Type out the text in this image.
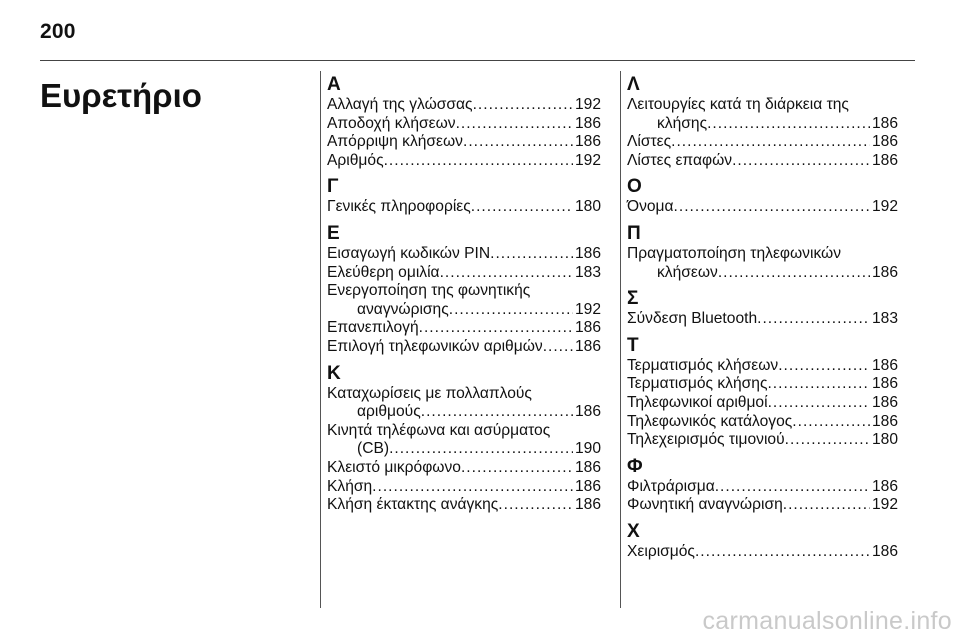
200
Ευρετήριο	Α
Αλλαγή της γλώσσας .....	192
Αποδοχή κλήσεων .....	186
Απόρριψη κλήσεων .....	186
Αριθμός .....	192
Γ
Γενικές πληροφορίες .....	180
Ε
Εισαγωγή κωδικών PIN .....	186
Ελεύθερη ομιλία .....	183
Ενεργοποίηση της φωνητικής
αναγνώρισης .....	192
Επανεπιλογή .....	186
Επιλογή τηλεφωνικών αριθμών ..... 186
Κ
Καταχωρίσεις με πολλαπλούς
αριθμούς .....	186
Κινητά τηλέφωνα και ασύρματος
(CB) .....	190
Κλειστό μικρόφωνο .....	186
Κλήση .....	186
Κλήση έκτακτης ανάγκης .....	186
Λ
Λειτουργίες κατά τη διάρκεια της
κλήσης .....	186
Λίστες .....	186
Λίστες επαφών .....	186
Ο
Όνομα .....	192
Π
Πραγματοποίηση τηλεφωνικών
κλήσεων .....	186
Σ
Σύνδεση Bluetooth .....	183
Τ
Τερματισμός κλήσεων .....	186
Τερματισμός κλήσης .....	186
Τηλεφωνικοί αριθμοί .....	186
Τηλεφωνικός κατάλογος .....	186
Τηλεχειρισμός τιμονιού .....	180
Φ
Φιλτράρισμα .....	186
Φωνητική αναγνώριση .....	192
Χ
Χειρισμός .....	186
carmanualsonline.info
